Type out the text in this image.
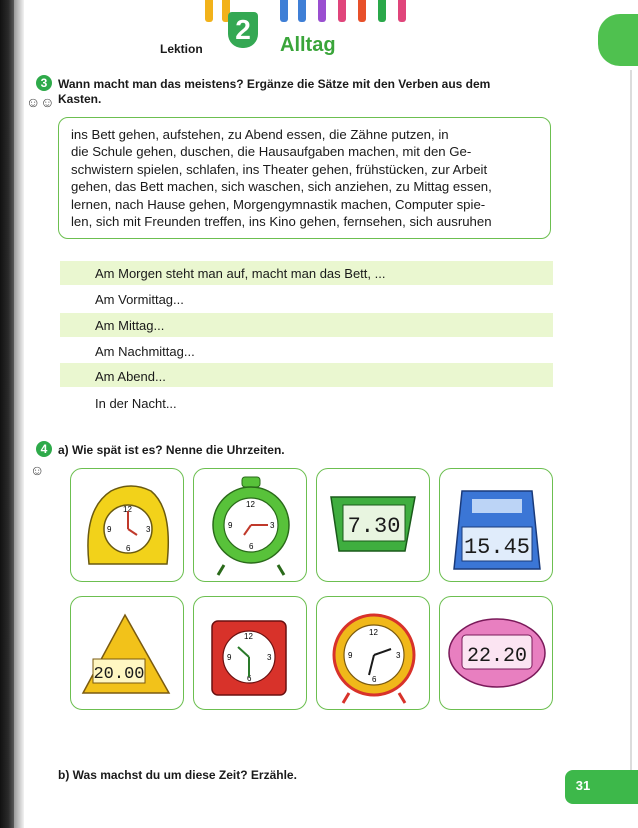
Lektion
2	Alltag
3
☺☺
Wann macht man das meistens? Ergänze die Sätze mit den Verben aus dem
Kasten.
ins Bett gehen, aufstehen, zu Abend essen, die Zähne putzen, in
die Schule gehen, duschen, die Hausaufgaben machen, mit den Ge-
schwistern spielen, schlafen, ins Theater gehen, frühstücken, zur Arbeit
gehen, das Bett machen, sich waschen, sich anziehen, zu Mittag essen,
lernen, nach Hause gehen, Morgengymnastik machen, Computer spie-
len, sich mit Freunden treffen, ins Kino gehen, fernsehen, sich ausruhen
Am Morgen steht man auf, macht man das Bett, ...
Am Vormittag...
Am Mittag...
Am Nachmittag...
Am Abend...
In der Nacht...
4
☺
a) Wie spät ist es? Nenne die Uhrzeiten.
12
3
6
9
12
3
6
9	7.30
15.45
20.00
12
3
6
9
12
3
6
9	22.20
b) Was machst du um diese Zeit? Erzähle.
31
